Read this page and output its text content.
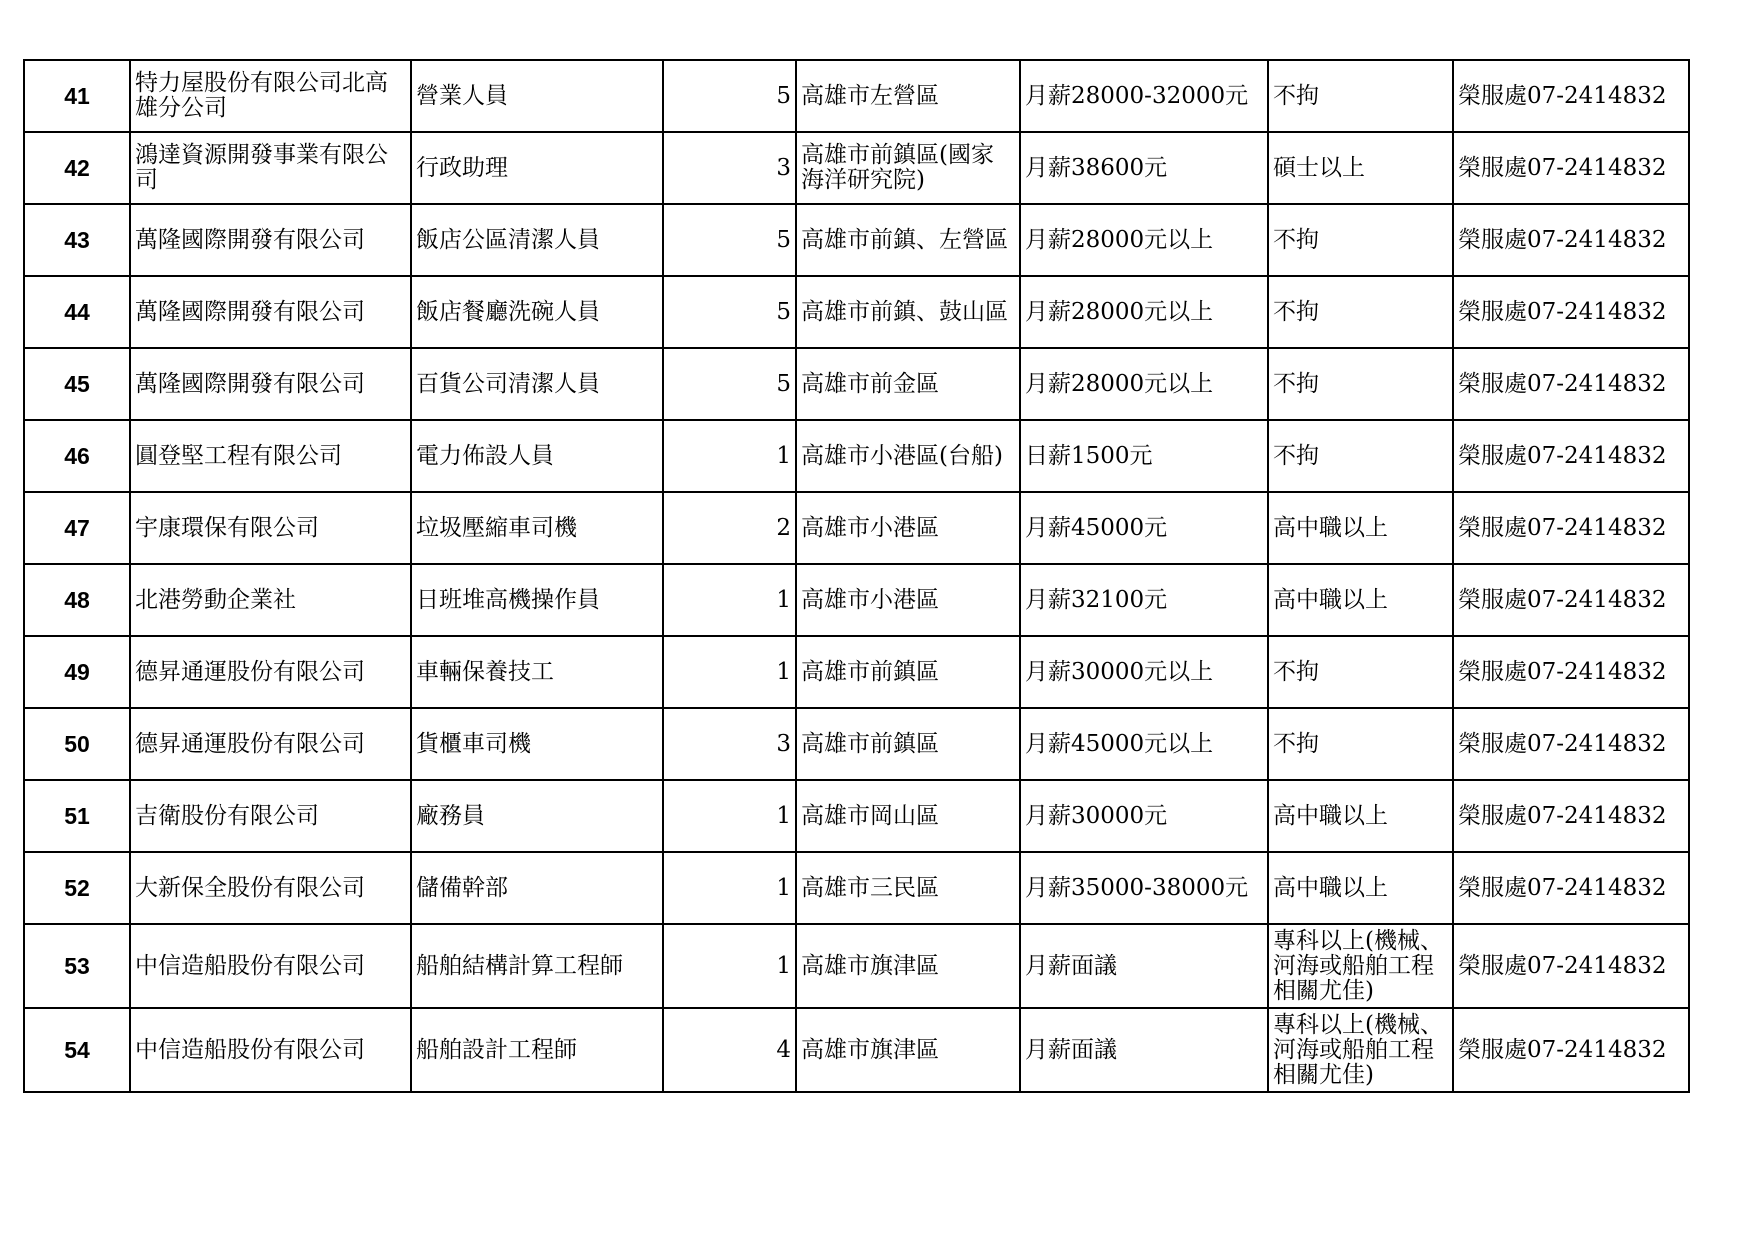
41	特力屋股份有限公司北高雄分公司	營業人員	5	高雄市左營區	月薪28000-32000元	不拘	榮服處07-2414832
42	鴻達資源開發事業有限公司	行政助理	3	高雄市前鎮區(國家海洋研究院)	月薪38600元	碩士以上	榮服處07-2414832
43	萬隆國際開發有限公司	飯店公區清潔人員	5	高雄市前鎮、左營區	月薪28000元以上	不拘	榮服處07-2414832
44	萬隆國際開發有限公司	飯店餐廳洗碗人員	5	高雄市前鎮、鼓山區	月薪28000元以上	不拘	榮服處07-2414832
45	萬隆國際開發有限公司	百貨公司清潔人員	5	高雄市前金區	月薪28000元以上	不拘	榮服處07-2414832
46	圓登堅工程有限公司	電力佈設人員	1	高雄市小港區(台船)	日薪1500元	不拘	榮服處07-2414832
47	宇康環保有限公司	垃圾壓縮車司機	2	高雄市小港區	月薪45000元	高中職以上	榮服處07-2414832
48	北港勞動企業社	日班堆高機操作員	1	高雄市小港區	月薪32100元	高中職以上	榮服處07-2414832
49	德昇通運股份有限公司	車輛保養技工	1	高雄市前鎮區	月薪30000元以上	不拘	榮服處07-2414832
50	德昇通運股份有限公司	貨櫃車司機	3	高雄市前鎮區	月薪45000元以上	不拘	榮服處07-2414832
51	吉衛股份有限公司	廠務員	1	高雄市岡山區	月薪30000元	高中職以上	榮服處07-2414832
52	大新保全股份有限公司	儲備幹部	1	高雄市三民區	月薪35000-38000元	高中職以上	榮服處07-2414832
53	中信造船股份有限公司	船舶結構計算工程師	1	高雄市旗津區	月薪面議	專科以上(機械、河海或船舶工程相關尤佳)	榮服處07-2414832
54	中信造船股份有限公司	船舶設計工程師	4	高雄市旗津區	月薪面議	專科以上(機械、河海或船舶工程相關尤佳)	榮服處07-2414832
